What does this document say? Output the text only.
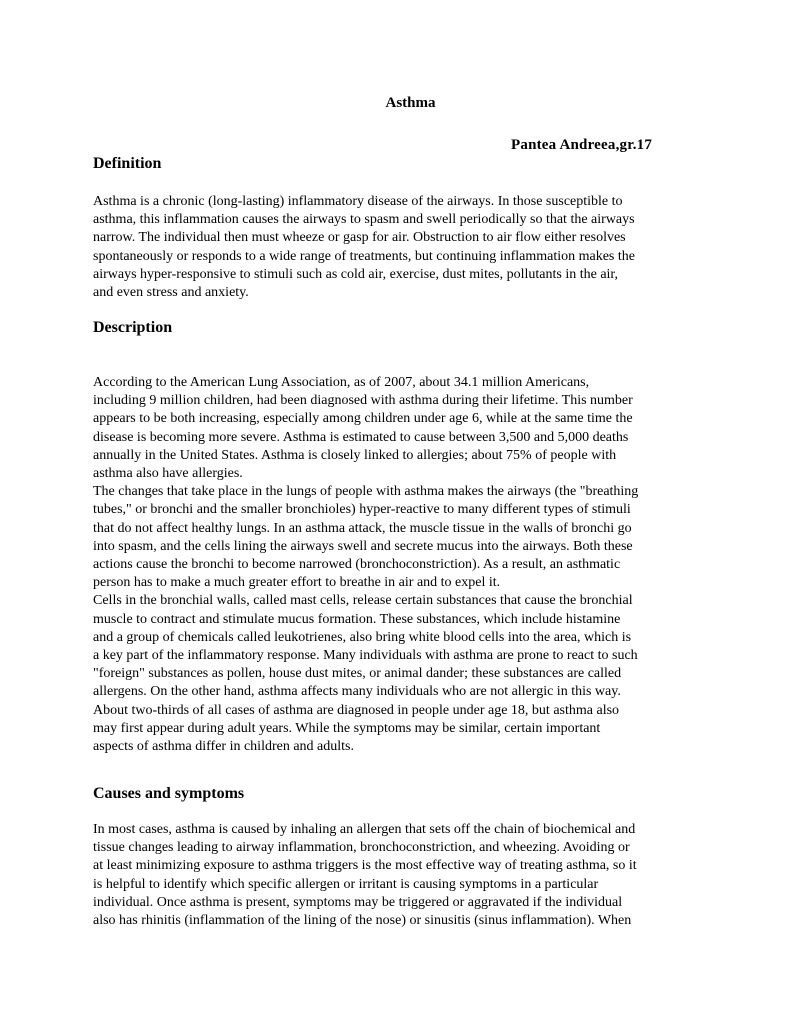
Asthma
Pantea Andreea,gr.17
Definition

Asthma is a chronic (long-lasting) inflammatory disease of the airways. In those susceptible to
asthma, this inflammation causes the airways to spasm and swell periodically so that the airways
narrow. The individual then must wheeze or gasp for air. Obstruction to air flow either resolves
spontaneously or responds to a wide range of treatments, but continuing inflammation makes the
airways hyper-responsive to stimuli such as cold air, exercise, dust mites, pollutants in the air,
and even stress and anxiety.

Description

According to the American Lung Association, as of 2007, about 34.1 million Americans,
including 9 million children, had been diagnosed with asthma during their lifetime. This number
appears to be both increasing, especially among children under age 6, while at the same time the
disease is becoming more severe. Asthma is estimated to cause between 3,500 and 5,000 deaths
annually in the United States. Asthma is closely linked to allergies; about 75% of people with
asthma also have allergies.
The changes that take place in the lungs of people with asthma makes the airways (the "breathing
tubes," or bronchi and the smaller bronchioles) hyper-reactive to many different types of stimuli
that do not affect healthy lungs. In an asthma attack, the muscle tissue in the walls of bronchi go
into spasm, and the cells lining the airways swell and secrete mucus into the airways. Both these
actions cause the bronchi to become narrowed (bronchoconstriction). As a result, an asthmatic
person has to make a much greater effort to breathe in air and to expel it.
Cells in the bronchial walls, called mast cells, release certain substances that cause the bronchial
muscle to contract and stimulate mucus formation. These substances, which include histamine
and a group of chemicals called leukotrienes, also bring white blood cells into the area, which is
a key part of the inflammatory response. Many individuals with asthma are prone to react to such
"foreign" substances as pollen, house dust mites, or animal dander; these substances are called
allergens. On the other hand, asthma affects many individuals who are not allergic in this way.
About two-thirds of all cases of asthma are diagnosed in people under age 18, but asthma also
may first appear during adult years. While the symptoms may be similar, certain important
aspects of asthma differ in children and adults.

Causes and symptoms

In most cases, asthma is caused by inhaling an allergen that sets off the chain of biochemical and
tissue changes leading to airway inflammation, bronchoconstriction, and wheezing. Avoiding or
at least minimizing exposure to asthma triggers is the most effective way of treating asthma, so it
is helpful to identify which specific allergen or irritant is causing symptoms in a particular
individual. Once asthma is present, symptoms may be triggered or aggravated if the individual
also has rhinitis (inflammation of the lining of the nose) or sinusitis (sinus inflammation). When
